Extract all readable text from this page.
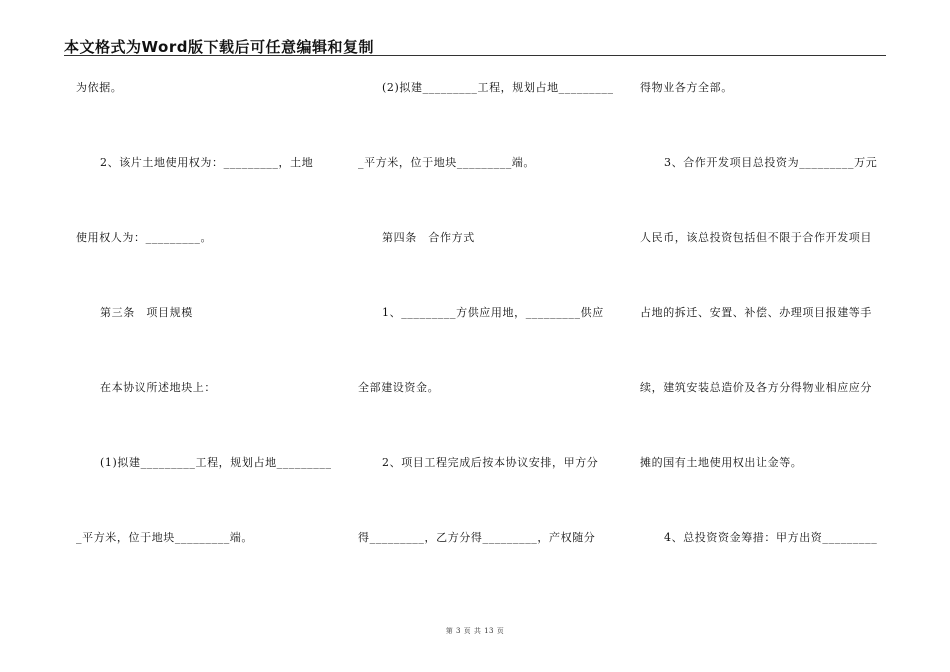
本文格式为Word版下载后可任意编辑和复制
为依据。
2、该片土地使用权为：_________，土地
使用权人为：_________。
第三条　项目规模
在本协议所述地块上：
(1)拟建_________工程，规划占地_________
_平方米，位于地块_________端。
(2)拟建_________工程，规划占地_________
_平方米，位于地块_________端。
第四条　合作方式
1、_________方供应用地，_________供应
全部建设资金。
2、项目工程完成后按本协议安排，甲方分
得_________，乙方分得_________，产权随分
得物业各方全部。
3、合作开发项目总投资为_________万元
人民币，该总投资包括但不限于合作开发项目
占地的拆迁、安置、补偿、办理项目报建等手
续，建筑安装总造价及各方分得物业相应应分
摊的国有土地使用权出让金等。
4、总投资资金筹措：甲方出资_________
第 3 页 共 13 页
